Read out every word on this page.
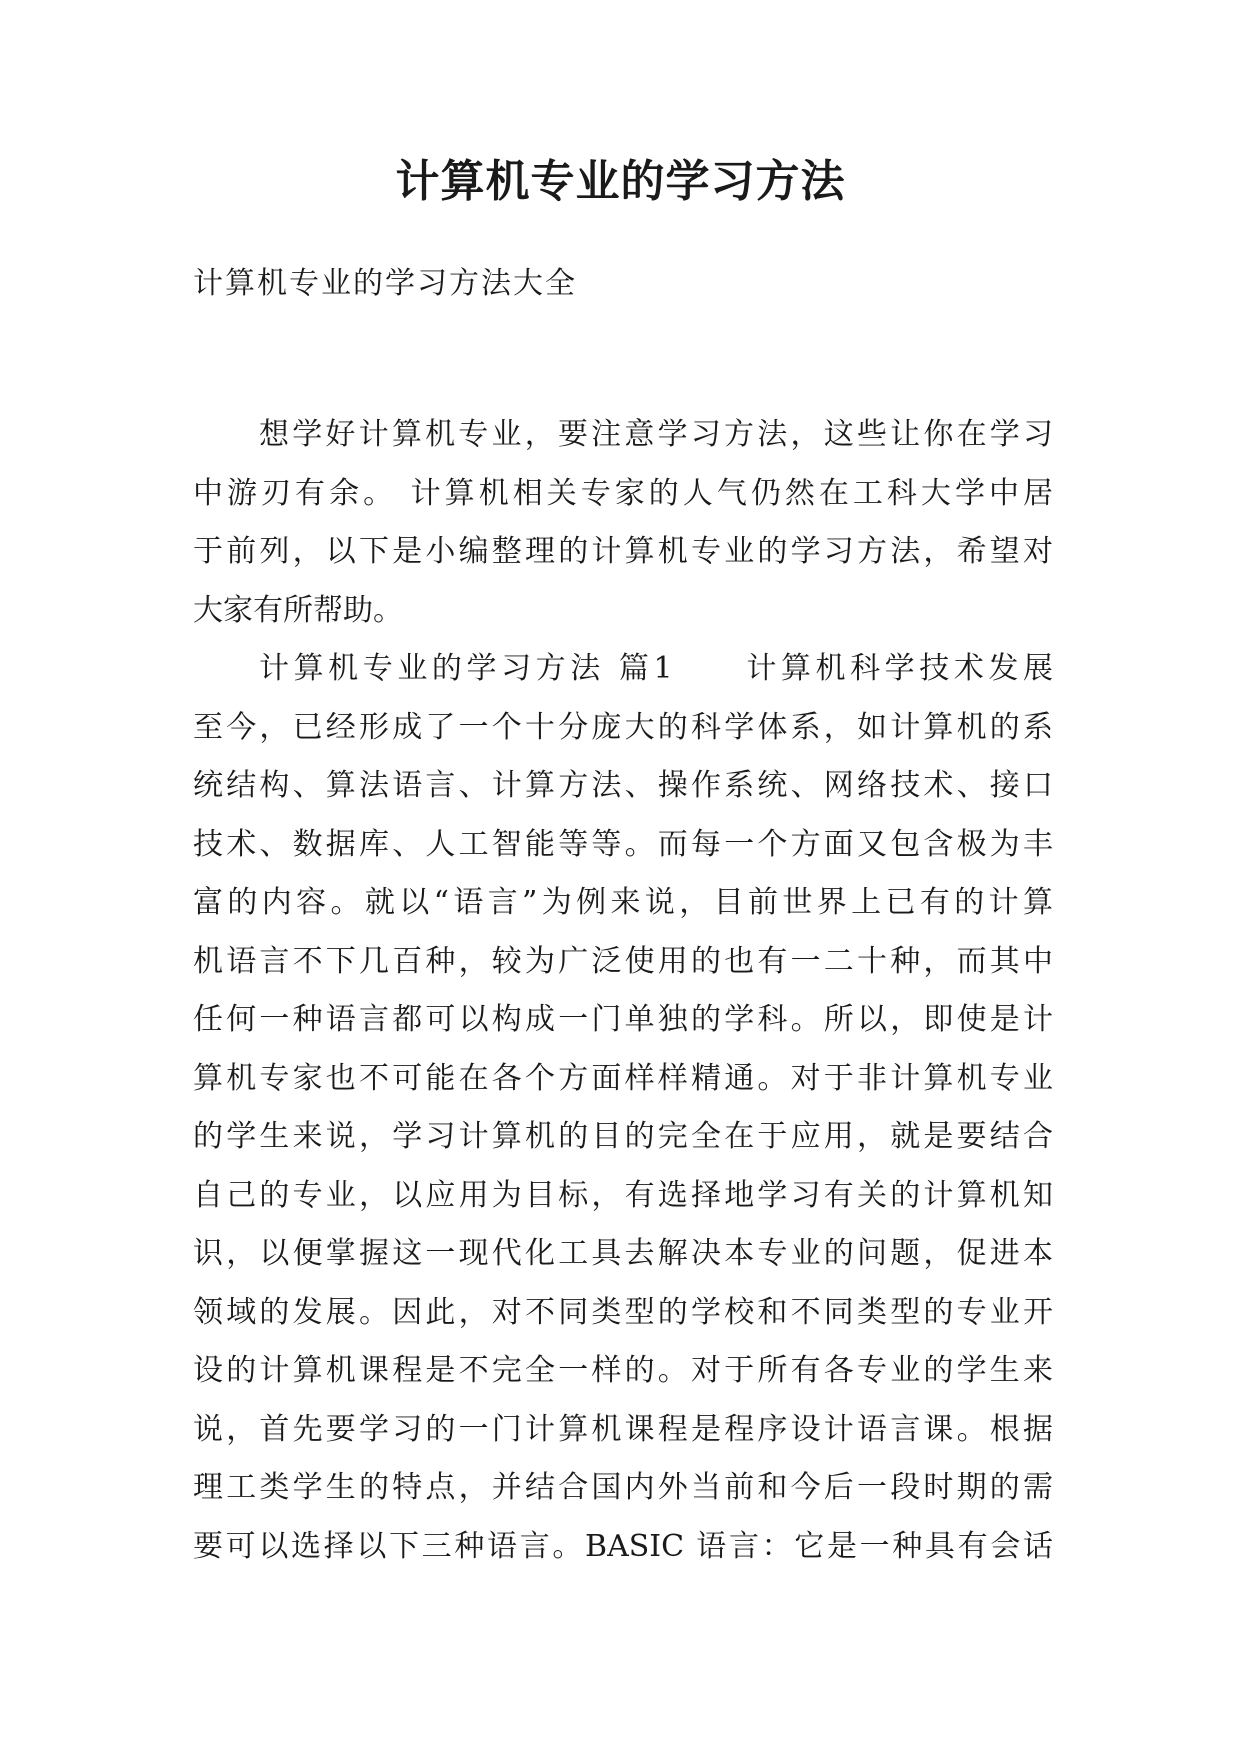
计算机专业的学习方法
计算机专业的学习方法大全
想学好计算机专业，要注意学习方法，这些让你在学习
中游刃有余。 计算机相关专家的人气仍然在工科大学中居
于前列，以下是小编整理的计算机专业的学习方法，希望对
大家有所帮助。
计算机专业的学习方法 篇1　　计算机科学技术发展
至今，已经形成了一个十分庞大的科学体系，如计算机的系
统结构、算法语言、计算方法、操作系统、网络技术、接口
技术、数据库、人工智能等等。而每一个方面又包含极为丰
富的内容。就以“语言”为例来说，目前世界上已有的计算
机语言不下几百种，较为广泛使用的也有一二十种，而其中
任何一种语言都可以构成一门单独的学科。所以，即使是计
算机专家也不可能在各个方面样样精通。对于非计算机专业
的学生来说，学习计算机的目的完全在于应用，就是要结合
自己的专业，以应用为目标，有选择地学习有关的计算机知
识，以便掌握这一现代化工具去解决本专业的问题，促进本
领域的发展。因此，对不同类型的学校和不同类型的专业开
设的计算机课程是不完全一样的。对于所有各专业的学生来
说，首先要学习的一门计算机课程是程序设计语言课。根据
理工类学生的特点，并结合国内外当前和今后一段时期的需
要可以选择以下三种语言。BASIC 语言：它是一种具有会话
